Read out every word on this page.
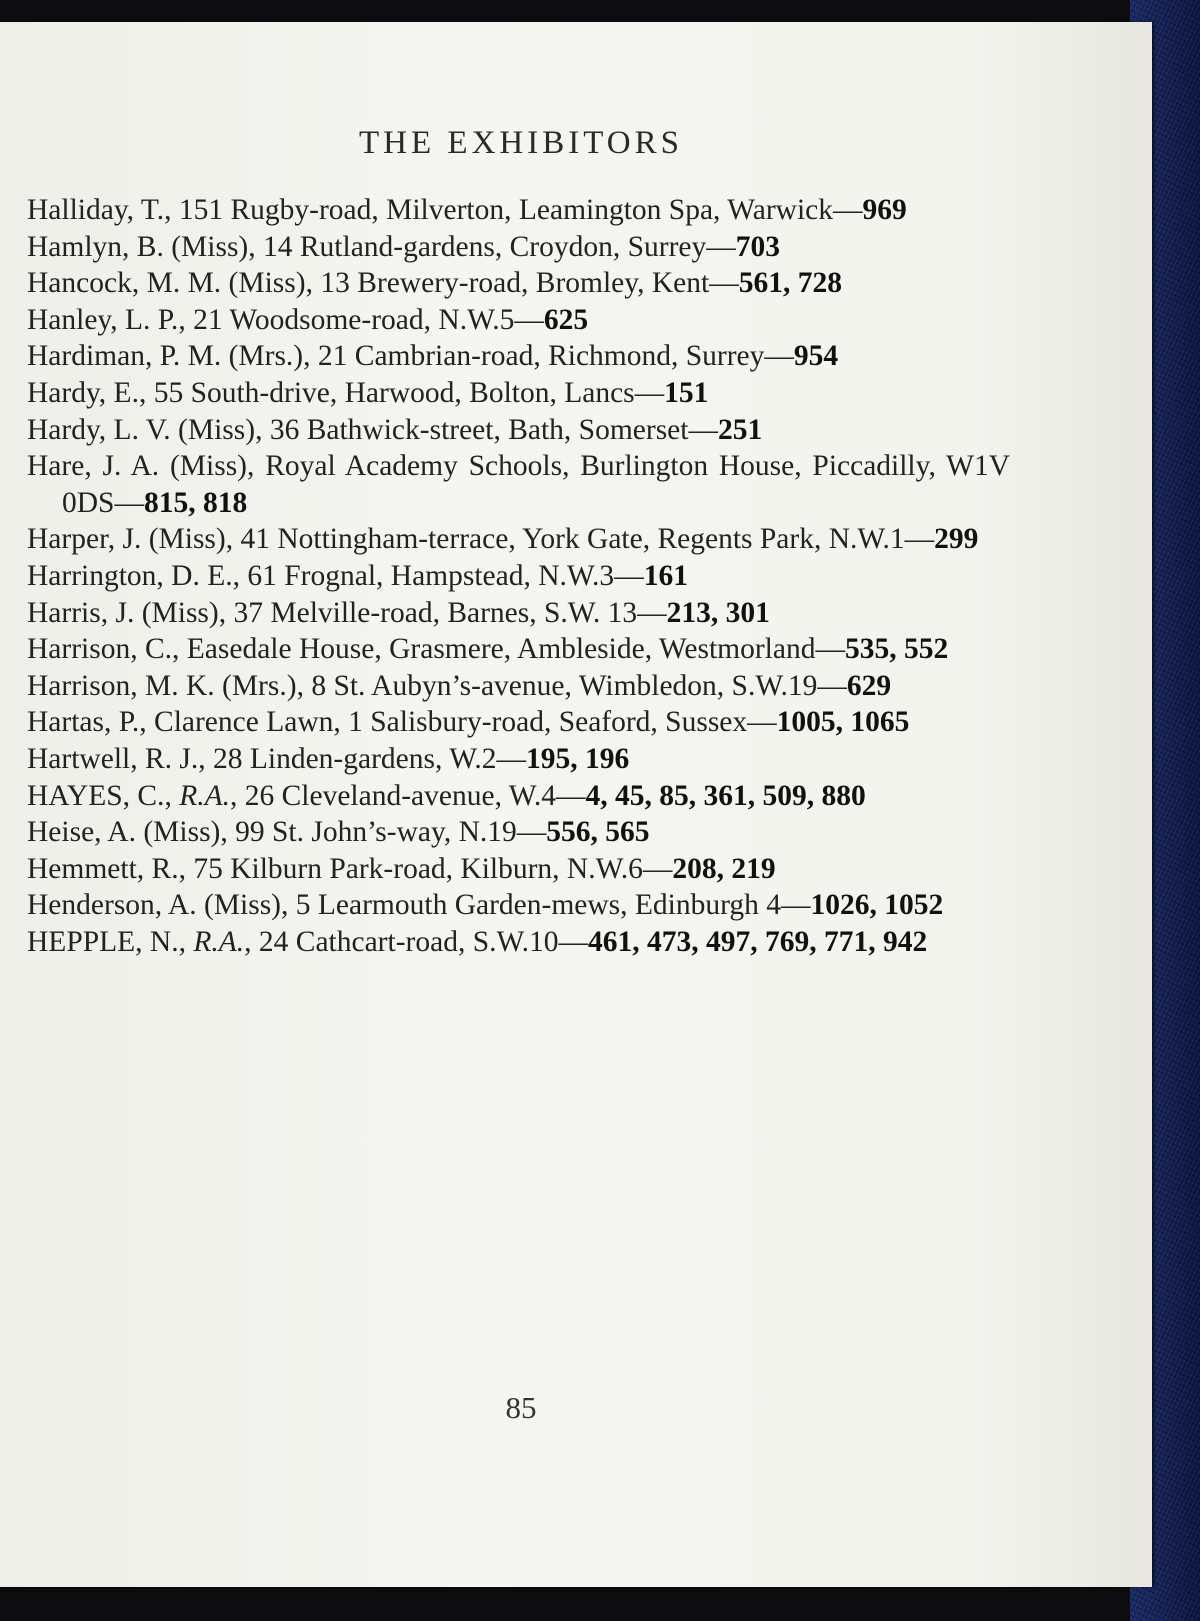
THE EXHIBITORS
Halliday, T., 151 Rugby-road, Milverton, Leamington Spa, Warwick—969
Hamlyn, B. (Miss), 14 Rutland-gardens, Croydon, Surrey—703
Hancock, M. M. (Miss), 13 Brewery-road, Bromley, Kent—561, 728
Hanley, L. P., 21 Woodsome-road, N.W.5—625
Hardiman, P. M. (Mrs.), 21 Cambrian-road, Richmond, Surrey—954
Hardy, E., 55 South-drive, Harwood, Bolton, Lancs—151
Hardy, L. V. (Miss), 36 Bathwick-street, Bath, Somerset—251
Hare, J. A. (Miss), Royal Academy Schools, Burlington House, Piccadilly, W1V 0DS—815, 818
Harper, J. (Miss), 41 Nottingham-terrace, York Gate, Regents Park, N.W.1—299
Harrington, D. E., 61 Frognal, Hampstead, N.W.3—161
Harris, J. (Miss), 37 Melville-road, Barnes, S.W. 13—213, 301
Harrison, C., Easedale House, Grasmere, Ambleside, Westmorland—535, 552
Harrison, M. K. (Mrs.), 8 St. Aubyn’s-avenue, Wimbledon, S.W.19—629
Hartas, P., Clarence Lawn, 1 Salisbury-road, Seaford, Sussex—1005, 1065
Hartwell, R. J., 28 Linden-gardens, W.2—195, 196
HAYES, C., R.A., 26 Cleveland-avenue, W.4—4, 45, 85, 361, 509, 880
Heise, A. (Miss), 99 St. John’s-way, N.19—556, 565
Hemmett, R., 75 Kilburn Park-road, Kilburn, N.W.6—208, 219
Henderson, A. (Miss), 5 Learmouth Garden-mews, Edinburgh 4—1026, 1052
HEPPLE, N., R.A., 24 Cathcart-road, S.W.10—461, 473, 497, 769, 771, 942
85
